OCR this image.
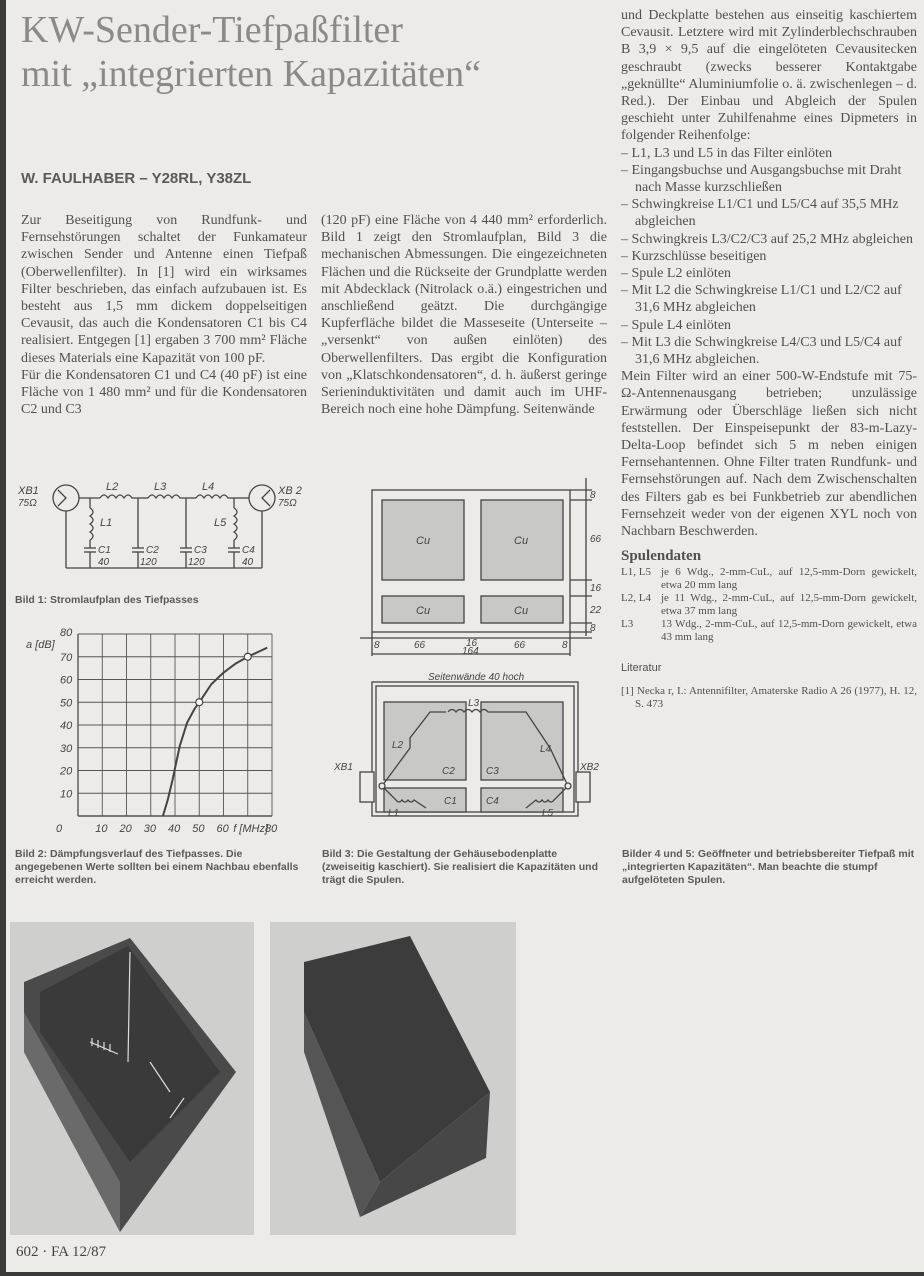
KW-Sender-Tiefpaßfilter
mit „integrierten Kapazitäten“
W. FAULHABER – Y28RL, Y38ZL

Zur Beseitigung von Rundfunk- und Fernsehstörungen schaltet der Funkamateur zwischen Sender und Antenne einen Tiefpaß (Oberwellenfilter). In [1] wird ein wirksames Filter beschrieben, das einfach aufzubauen ist. Es besteht aus 1,5 mm dickem doppelseitigen Cevausit, das auch die Kondensatoren C1 bis C4 realisiert. Entgegen [1] ergaben 3 700 mm² Fläche dieses Materials eine Kapazität von 100 pF.

Für die Kondensatoren C1 und C4 (40 pF) ist eine Fläche von 1 480 mm² und für die Kondensatoren C2 und C3

(120 pF) eine Fläche von 4 440 mm² erforderlich. Bild 1 zeigt den Stromlaufplan, Bild 3 die mechanischen Abmessungen. Die eingezeichneten Flächen und die Rückseite der Grundplatte werden mit Abdecklack (Nitrolack o.ä.) eingestrichen und anschließend geätzt. Die durchgängige Kupferfläche bildet die Masseseite (Unterseite – „versenkt“ von außen einlöten) des Oberwellenfilters. Das ergibt die Konfiguration von „Klatschkondensatoren“, d. h. äußerst geringe Serieninduktivitäten und damit auch im UHF-Bereich noch eine hohe Dämpfung. Seitenwände

und Deckplatte bestehen aus einseitig kaschiertem Cevausit. Letztere wird mit Zylinderblechschrauben B 3,9 × 9,5 auf die eingelöteten Cevausitecken geschraubt (zwecks besserer Kontaktgabe „geknüllte“ Aluminiumfolie o. ä. zwischenlegen – d. Red.). Der Einbau und Abgleich der Spulen geschieht unter Zuhilfenahme eines Dipmeters in folgender Reihenfolge:

– L1, L3 und L5 in das Filter einlöten
– Eingangsbuchse und Ausgangsbuchse mit Draht nach Masse kurzschließen
– Schwingkreise L1/C1 und L5/C4 auf 35,5 MHz abgleichen
– Schwingkreis L3/C2/C3 auf 25,2 MHz abgleichen
– Kurzschlüsse beseitigen
– Spule L2 einlöten
– Mit L2 die Schwingkreise L1/C1 und L2/C2 auf 31,6 MHz abgleichen
– Spule L4 einlöten
– Mit L3 die Schwingkreise L4/C3 und L5/C4 auf 31,6 MHz abgleichen.

Mein Filter wird an einer 500-W-Endstufe mit 75-Ω-Antennenausgang betrieben; unzulässige Erwärmung oder Überschläge ließen sich nicht feststellen. Der Einspeisepunkt der 83-m-Lazy-Delta-Loop befindet sich 5 m neben einigen Fernsehantennen. Ohne Filter traten Rundfunk- und Fernsehstörungen auf. Nach dem Zwischenschalten des Filters gab es bei Funkbetrieb zur abendlichen Fernsehzeit weder von der eigenen XYL noch von Nachbarn Beschwerden.

Spulendaten
L1, L5 je 6 Wdg., 2-mm-CuL, auf 12,5-mm-Dorn gewickelt, etwa 20 mm lang
L2, L4 je 11 Wdg., 2-mm-CuL, auf 12,5-mm-Dorn gewickelt, etwa 37 mm lang
L3	13 Wdg., 2-mm-CuL, auf 12,5-mm-Dorn gewickelt, etwa 43 mm lang
Literatur
[1] Necka r, I.: Antennifilter, Amaterske Radio A 26 (1977), H. 12, S. 473
XB1
75Ω
XB 2
75Ω
L2	L3	L4
L1	L5
C1
40
C2
120
C3
120
C4
40
Bild 1: Stromlaufplan des Tiefpasses
0	10 20 30 40 50 60	80
10
20
30
40
50
60
70
80
a [dB]
f [MHz]
Bild 2: Dämpfungsverlauf des Tiefpasses. Die angegebenen Werte sollten bei einem Nachbau ebenfalls erreicht werden.
Cu	Cu
Cu	Cu
8
66
16
22
8
8	66	16	66	8
164
Seitenwände 40 hoch
L3
L2	L4
XB1	XB2
C2	C3
C1	C4
L1	L5
Bild 3: Die Gestaltung der Gehäusebodenplatte (zweiseitig kaschiert). Sie realisiert die Kapazitäten und trägt die Spulen.
Bilder 4 und 5: Geöffneter und betriebsbereiter Tiefpaß mit „integrierten Kapazitäten“. Man beachte die stumpf aufgelöteten Spulen.
602 · FA 12/87
